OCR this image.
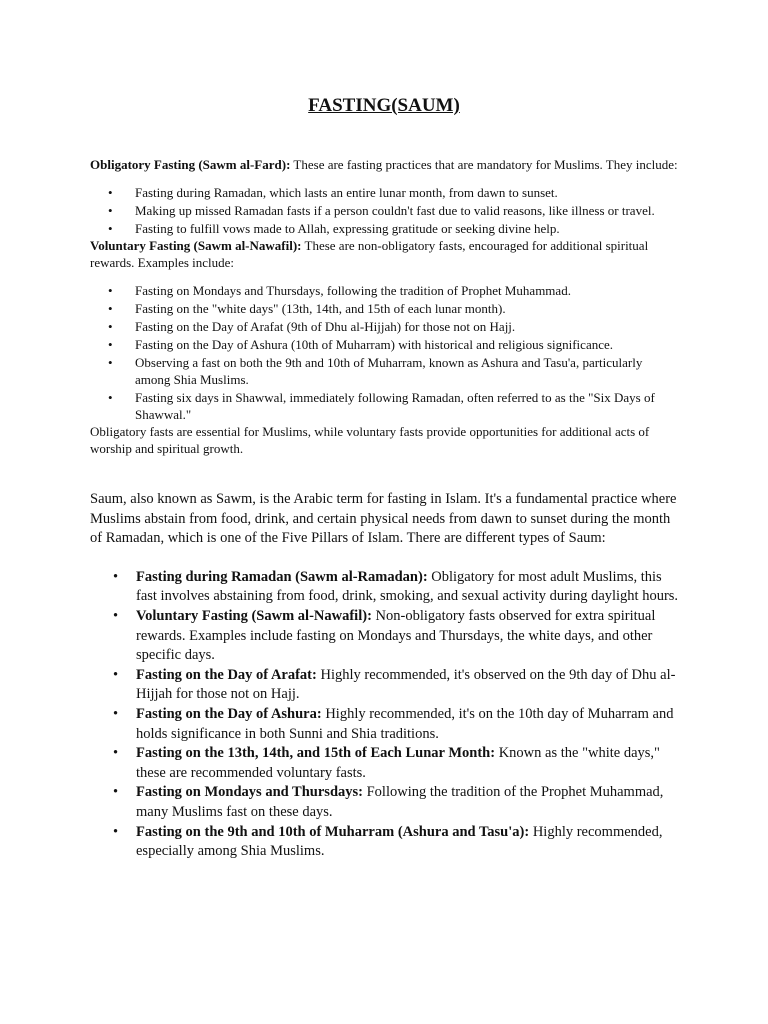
FASTING(SAUM)

Obligatory Fasting (Sawm al-Fard): These are fasting practices that are mandatory for Muslims. They include:

• Fasting during Ramadan, which lasts an entire lunar month, from dawn to sunset.
• Making up missed Ramadan fasts if a person couldn't fast due to valid reasons, like illness or travel.
• Fasting to fulfill vows made to Allah, expressing gratitude or seeking divine help.

Voluntary Fasting (Sawm al-Nawafil): These are non-obligatory fasts, encouraged for additional spiritual rewards. Examples include:

• Fasting on Mondays and Thursdays, following the tradition of Prophet Muhammad.
• Fasting on the "white days" (13th, 14th, and 15th of each lunar month).
• Fasting on the Day of Arafat (9th of Dhu al-Hijjah) for those not on Hajj.
• Fasting on the Day of Ashura (10th of Muharram) with historical and religious significance.
• Observing a fast on both the 9th and 10th of Muharram, known as Ashura and Tasu'a, particularly among Shia Muslims.
• Fasting six days in Shawwal, immediately following Ramadan, often referred to as the "Six Days of Shawwal."

Obligatory fasts are essential for Muslims, while voluntary fasts provide opportunities for additional acts of worship and spiritual growth.

Saum, also known as Sawm, is the Arabic term for fasting in Islam. It's a fundamental practice where Muslims abstain from food, drink, and certain physical needs from dawn to sunset during the month of Ramadan, which is one of the Five Pillars of Islam. There are different types of Saum:

• Fasting during Ramadan (Sawm al-Ramadan): Obligatory for most adult Muslims, this fast involves abstaining from food, drink, smoking, and sexual activity during daylight hours.
• Voluntary Fasting (Sawm al-Nawafil): Non-obligatory fasts observed for extra spiritual rewards. Examples include fasting on Mondays and Thursdays, the white days, and other specific days.
• Fasting on the Day of Arafat: Highly recommended, it's observed on the 9th day of Dhu al-Hijjah for those not on Hajj.
• Fasting on the Day of Ashura: Highly recommended, it's on the 10th day of Muharram and holds significance in both Sunni and Shia traditions.
• Fasting on the 13th, 14th, and 15th of Each Lunar Month: Known as the "white days," these are recommended voluntary fasts.
• Fasting on Mondays and Thursdays: Following the tradition of the Prophet Muhammad, many Muslims fast on these days.
• Fasting on the 9th and 10th of Muharram (Ashura and Tasu'a): Highly recommended, especially among Shia Muslims.
